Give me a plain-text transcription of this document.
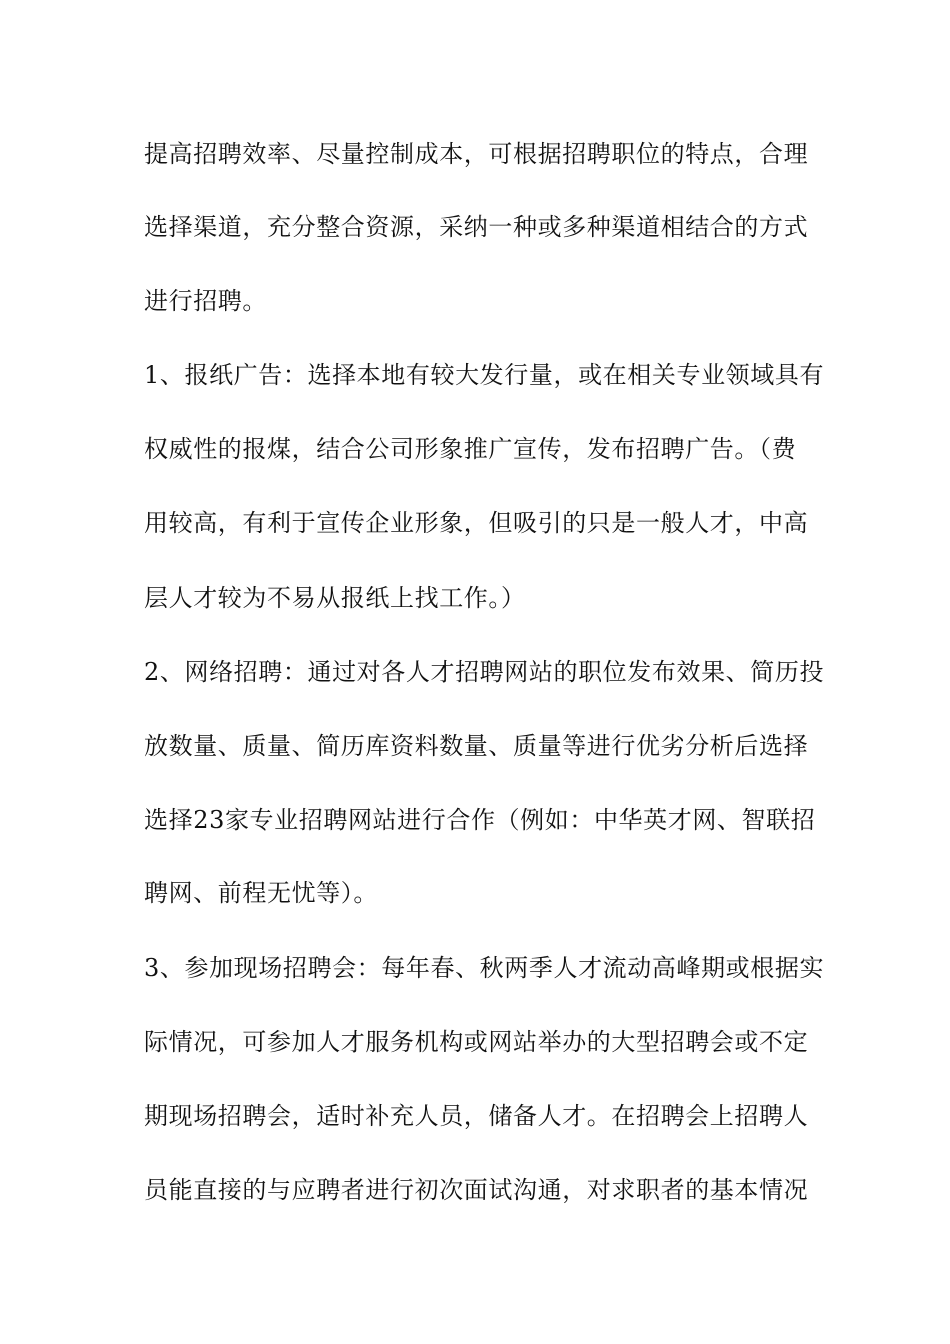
提高招聘效率、尽量控制成本，可根据招聘职位的特点，合理
选择渠道，充分整合资源，采纳一种或多种渠道相结合的方式
进行招聘。
1、报纸广告：选择本地有较大发行量，或在相关专业领域具有
权威性的报煤，结合公司形象推广宣传，发布招聘广告。（费
用较高，有利于宣传企业形象，但吸引的只是一般人才，中高
层人才较为不易从报纸上找工作。）
2、网络招聘：通过对各人才招聘网站的职位发布效果、简历投
放数量、质量、简历库资料数量、质量等进行优劣分析后选择
选择23家专业招聘网站进行合作（例如：中华英才网、智联招
聘网、前程无忧等）。
3、参加现场招聘会：每年春、秋两季人才流动高峰期或根据实
际情况，可参加人才服务机构或网站举办的大型招聘会或不定
期现场招聘会，适时补充人员，储备人才。在招聘会上招聘人
员能直接的与应聘者进行初次面试沟通，对求职者的基本情况
